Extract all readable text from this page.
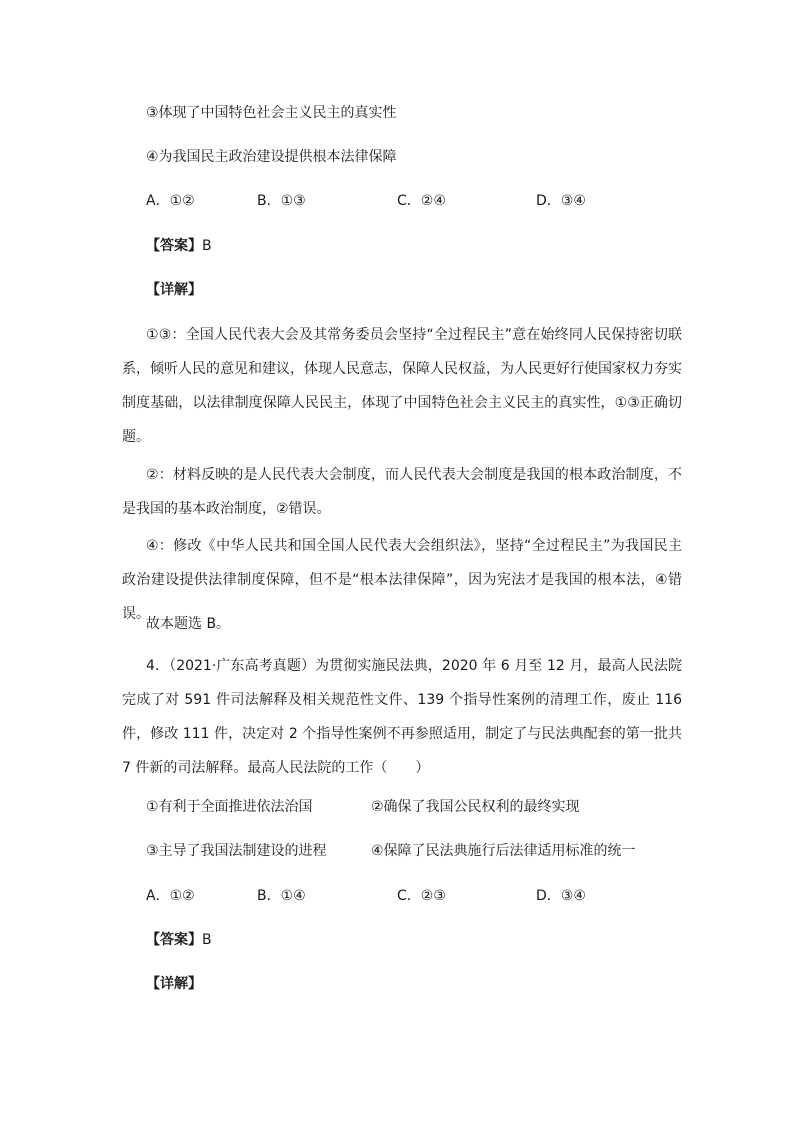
③体现了中国特色社会主义民主的真实性
④为我国民主政治建设提供根本法律保障
A．①②	B．①③	C．②④	D．③④
【答案】B
【详解】
①③：全国人民代表大会及其常务委员会坚持“全过程民主”意在始终同人民保持密切联系，倾听人民的意见和建议，体现人民意志，保障人民权益，为人民更好行使国家权力夯实制度基础，以法律制度保障人民民主，体现了中国特色社会主义民主的真实性，①③正确切题。
②：材料反映的是人民代表大会制度，而人民代表大会制度是我国的根本政治制度，不是我国的基本政治制度，②错误。
④：修改《中华人民共和国全国人民代表大会组织法》，坚持“全过程民主”为我国民主政治建设提供法律制度保障，但不是“根本法律保障”，因为宪法才是我国的根本法，④错误。
故本题选 B。
4．（2021·广东高考真题）为贯彻实施民法典，2020 年 6 月至 12 月，最高人民法院完成了对 591 件司法解释及相关规范性文件、139 个指导性案例的清理工作，废止 116 件，修改 111 件，决定对 2 个指导性案例不再参照适用，制定了与民法典配套的第一批共 7 件新的司法解释。最高人民法院的工作（　　）
①有利于全面推进依法治国	②确保了我国公民权利的最终实现
③主导了我国法制建设的进程	④保障了民法典施行后法律适用标准的统一
A．①②	B．①④	C．②③	D．③④
【答案】B
【详解】
